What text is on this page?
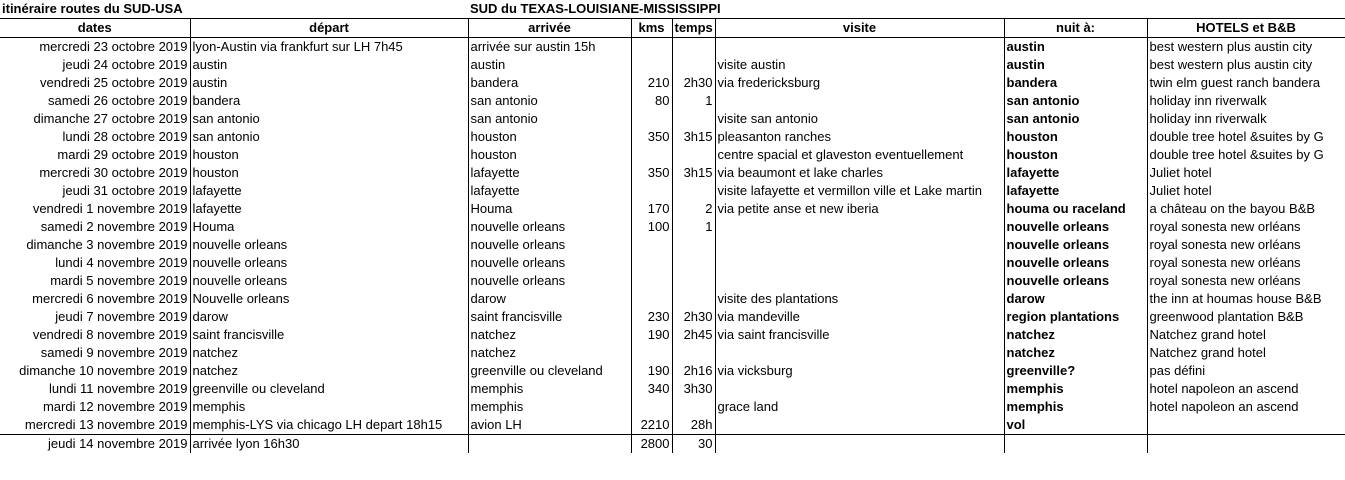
itinéraire routes du SUD-USA		SUD du TEXAS-LOUISIANE-MISSISSIPPI					
dates	départ	arrivée	kms	temps	visite	nuit à:	HOTELS et B&B
mercredi 23 octobre 2019	lyon-Austin via frankfurt sur LH 7h45	arrivée sur austin 15h				austin	best western plus austin city
jeudi 24 octobre 2019	austin	austin			visite austin	austin	best western plus austin city
vendredi 25 octobre 2019	austin	bandera	210	2h30	via fredericksburg	bandera	twin elm guest ranch bandera
samedi 26 octobre 2019	bandera	san antonio	80	1		san antonio	holiday inn riverwalk
dimanche 27 octobre 2019	san antonio	san antonio			visite san antonio	san antonio	holiday inn riverwalk
lundi 28 octobre 2019	san antonio	houston	350	3h15	pleasanton ranches	houston	double tree hotel &suites by G
mardi 29 octobre 2019	houston	houston			centre spacial et glaveston eventuellement	houston	double tree hotel &suites by G
mercredi 30 octobre 2019	houston	lafayette	350	3h15	via beaumont et lake charles	lafayette	Juliet hotel
jeudi 31 octobre 2019	lafayette	lafayette			visite lafayette et vermillon ville et Lake martin	lafayette	Juliet hotel
vendredi 1 novembre 2019	lafayette	Houma	170	2	via petite anse et new iberia	houma ou raceland	a château on the bayou B&B
samedi 2 novembre 2019	Houma	nouvelle orleans	100	1		nouvelle orleans	royal sonesta new orléans
dimanche 3 novembre 2019	nouvelle orleans	nouvelle orleans				nouvelle orleans	royal sonesta new orléans
lundi 4 novembre 2019	nouvelle orleans	nouvelle orleans				nouvelle orleans	royal sonesta new orléans
mardi 5 novembre 2019	nouvelle orleans	nouvelle orleans				nouvelle orleans	royal sonesta new orléans
mercredi 6 novembre 2019	Nouvelle orleans	darow			visite des plantations	darow	the inn at houmas house B&B
jeudi 7 novembre 2019	darow	saint francisville	230	2h30	via mandeville	region plantations	greenwood plantation B&B
vendredi 8 novembre 2019	saint francisville	natchez	190	2h45	via saint francisville	natchez	Natchez grand hotel
samedi 9 novembre 2019	natchez	natchez				natchez	Natchez grand hotel
dimanche 10 novembre 2019	natchez	greenville ou cleveland	190	2h16	via vicksburg	greenville?	pas défini
lundi 11 novembre 2019	greenville ou cleveland	memphis	340	3h30		memphis	hotel napoleon an ascend
mardi 12 novembre 2019	memphis	memphis			grace land	memphis	hotel napoleon an ascend
mercredi 13 novembre 2019	memphis-LYS via chicago LH depart 18h15	avion LH	2210	28h		vol	
jeudi 14 novembre 2019	arrivée lyon 16h30		2800	30			
